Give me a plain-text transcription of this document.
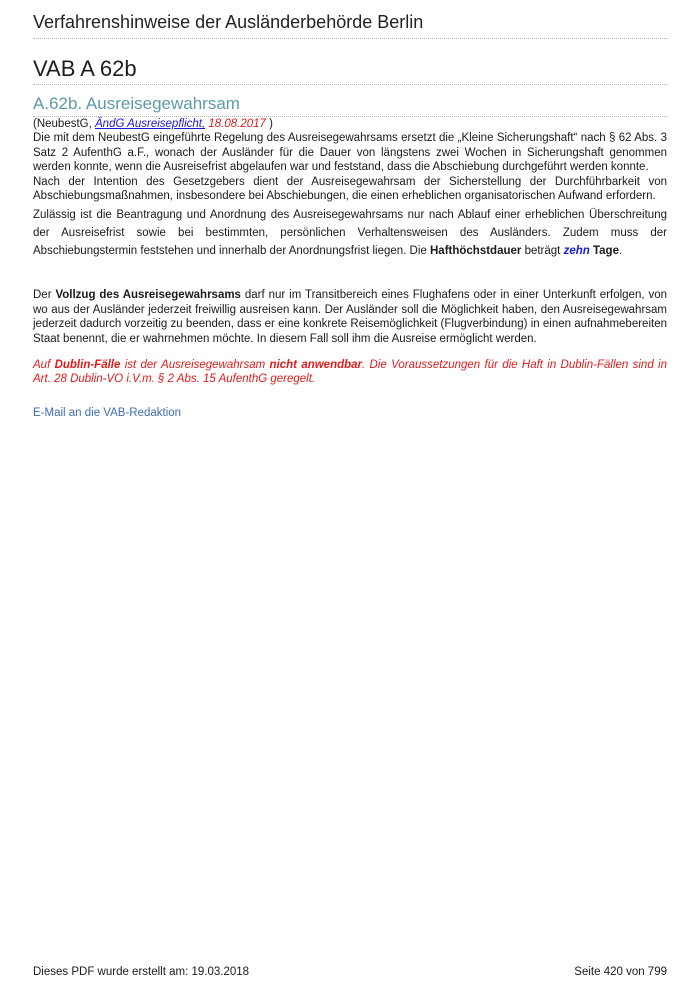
Verfahrenshinweise der Ausländerbehörde Berlin
VAB A 62b
A.62b. Ausreisegewahrsam

(NeubestG, ÄndG Ausreisepflicht, 18.08.2017 )

Die mit dem NeubestG eingeführte Regelung des Ausreisegewahrsams ersetzt die „Kleine Sicherungshaft“ nach § 62 Abs. 3 Satz 2 AufenthG a.F., wonach der Ausländer für die Dauer von längstens zwei Wochen in Sicherungshaft genommen werden konnte, wenn die Ausreisefrist abgelaufen war und feststand, dass die Abschiebung durchgeführt werden konnte.

Nach der Intention des Gesetzgebers dient der Ausreisegewahrsam der Sicherstellung der Durchführbarkeit von Abschiebungsmaßnahmen, insbesondere bei Abschiebungen, die einen erheblichen organisatorischen Aufwand erfordern.

Zulässig ist die Beantragung und Anordnung des Ausreisegewahrsams nur nach Ablauf einer erheblichen Überschreitung der Ausreisefrist sowie bei bestimmten, persönlichen Verhaltensweisen des Ausländers. Zudem muss der Abschiebungstermin feststehen und innerhalb der Anordnungsfrist liegen. Die Hafthöchstdauer beträgt zehn Tage.

Der Vollzug des Ausreisegewahrsams darf nur im Transitbereich eines Flughafens oder in einer Unterkunft erfolgen, von wo aus der Ausländer jederzeit freiwillig ausreisen kann. Der Ausländer soll die Möglichkeit haben, den Ausreisegewahrsam jederzeit dadurch vorzeitig zu beenden, dass er eine konkrete Reisemöglichkeit (Flugverbindung) in einen aufnahmebereiten Staat benennt, die er wahrnehmen möchte. In diesem Fall soll ihm die Ausreise ermöglicht werden.

Auf Dublin-Fälle ist der Ausreisegewahrsam nicht anwendbar. Die Voraussetzungen für die Haft in Dublin-Fällen sind in Art. 28 Dublin-VO i.V.m. § 2 Abs. 15 AufenthG geregelt.

E-Mail an die VAB-Redaktion

Dieses PDF wurde erstellt am: 19.03.2018	Seite 420 von 799
